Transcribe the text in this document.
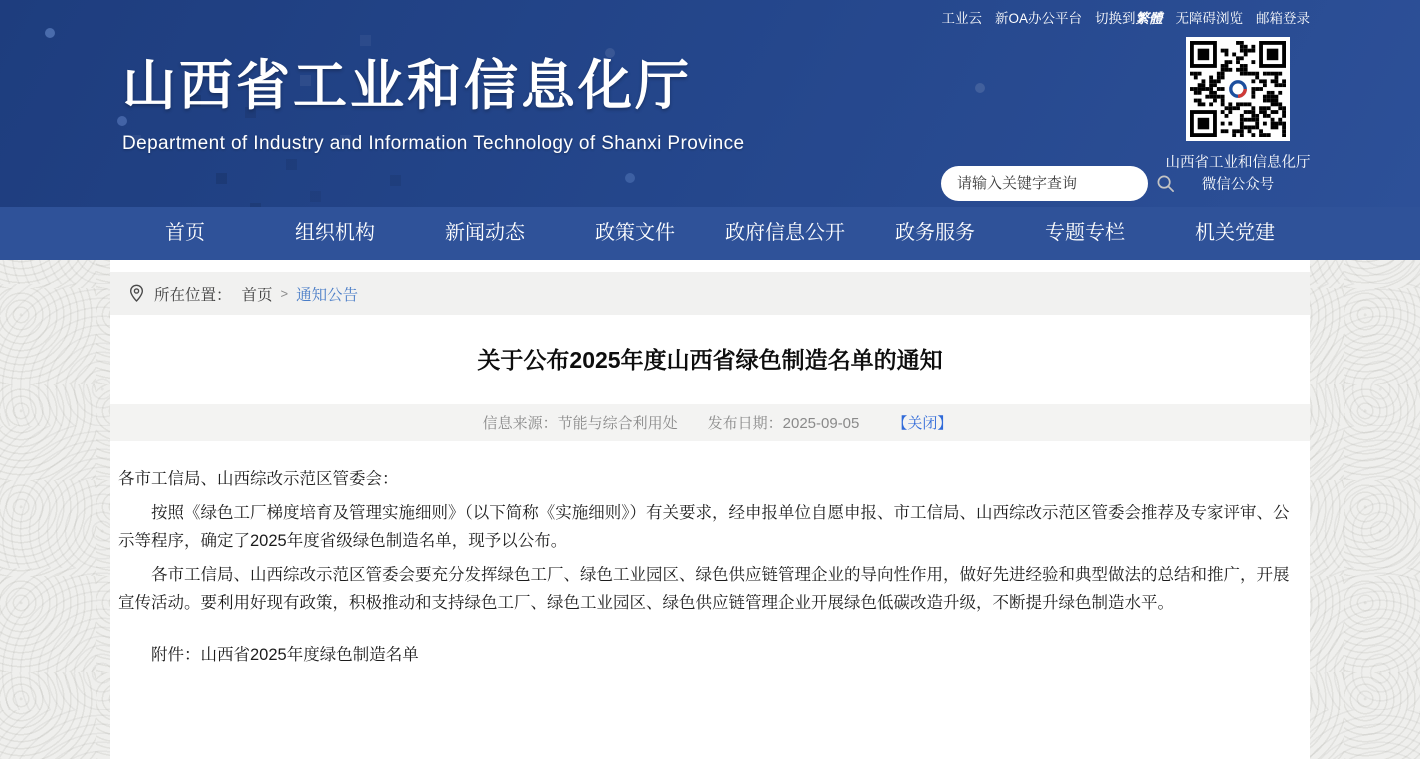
工业云 新OA办公平台 切换到繁體 无障碍浏览 邮箱登录
山西省工业和信息化厅
Department of Industry and Information Technology of Shanxi Province
请输入关键字查询
山西省工业和信息化厅
微信公众号
首页	组织机构	新闻动态	政策文件	政府信息公开	政务服务	专题专栏	机关党建
所在位置： 首页 > 通知公告
关于公布2025年度山西省绿色制造名单的通知
信息来源：节能与综合利用处 发布日期：2025-09-05 【关闭】

各市工信局、山西综改示范区管委会：

按照《绿色工厂梯度培育及管理实施细则》（以下简称《实施细则》）有关要求，经申报单位自愿申报、市工信局、山西综改示范区管委会推荐及专家评审、公示等程序，确定了2025年度省级绿色制造名单，现予以公布。

各市工信局、山西综改示范区管委会要充分发挥绿色工厂、绿色工业园区、绿色供应链管理企业的导向性作用，做好先进经验和典型做法的总结和推广，开展宣传活动。要利用好现有政策，积极推动和支持绿色工厂、绿色工业园区、绿色供应链管理企业开展绿色低碳改造升级，不断提升绿色制造水平。

附件：山西省2025年度绿色制造名单
